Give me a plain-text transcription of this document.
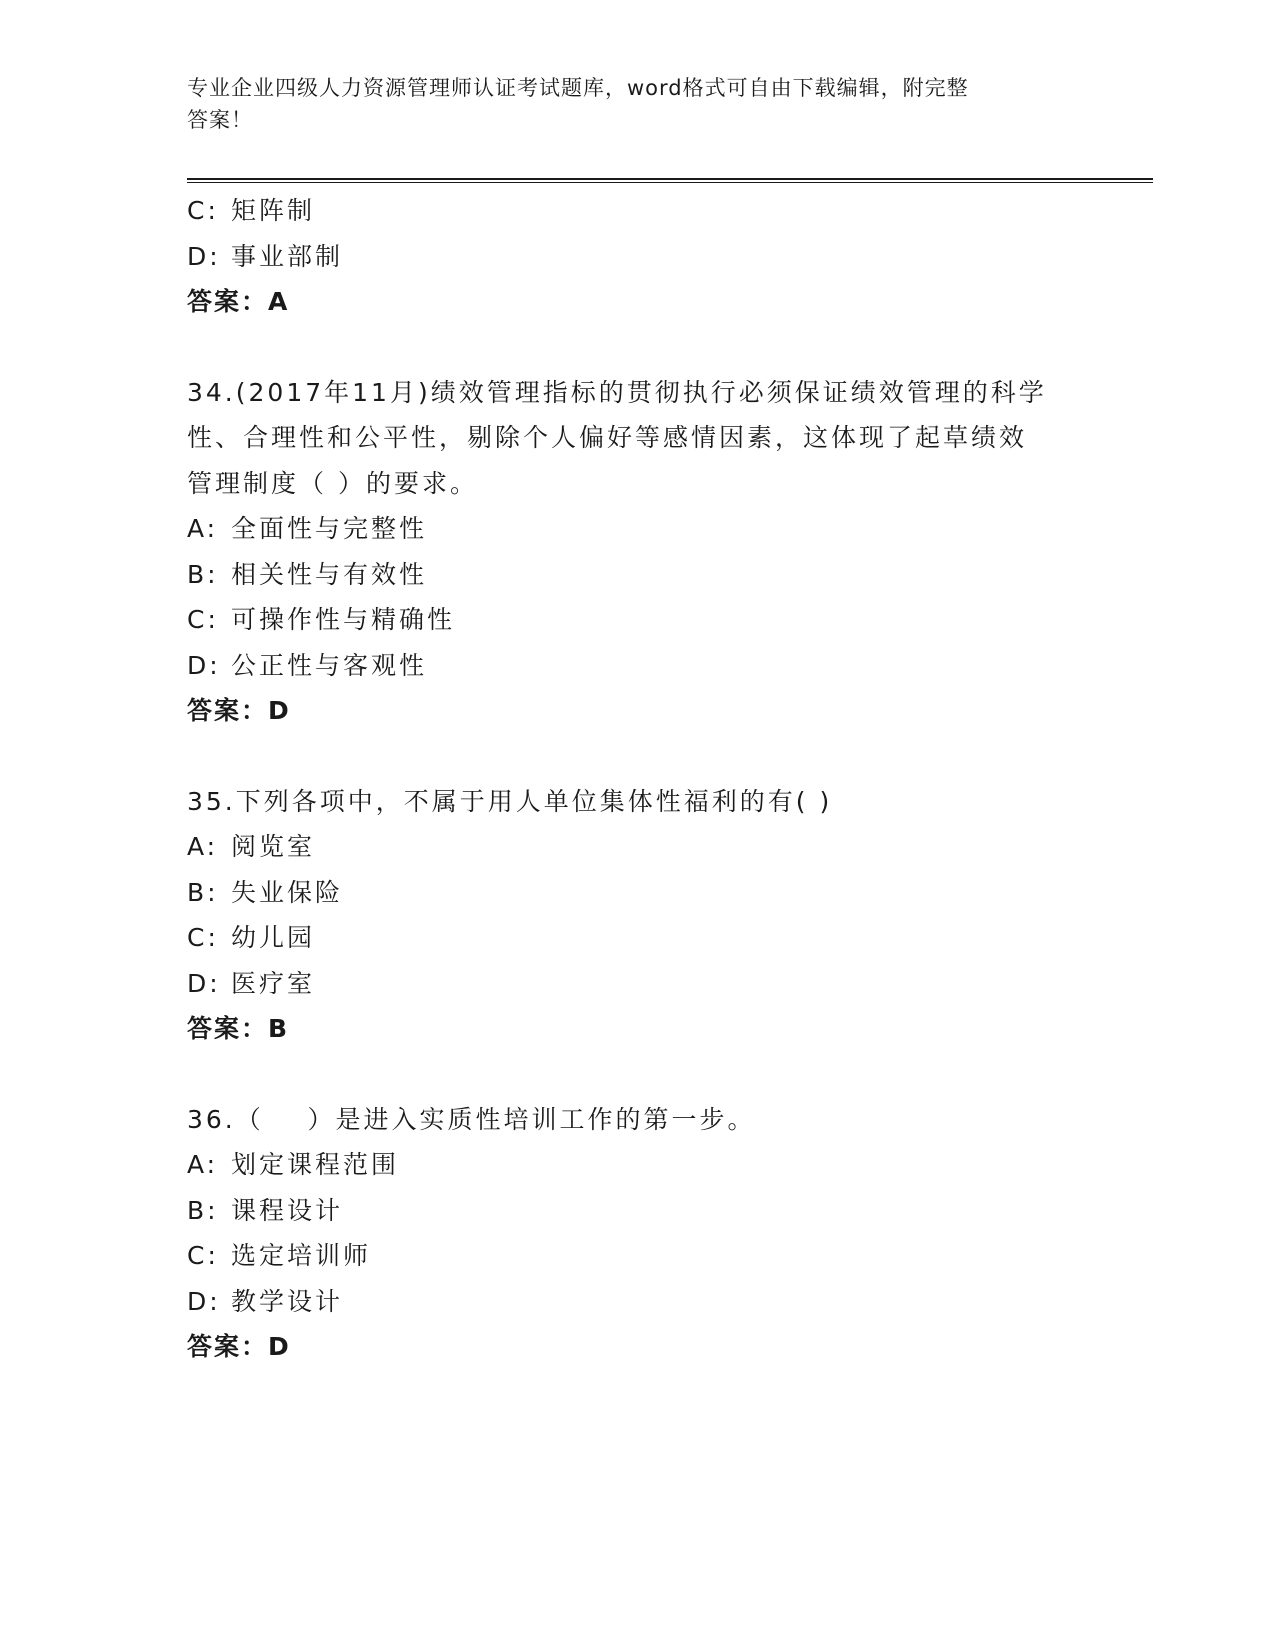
专业企业四级人力资源管理师认证考试题库，word格式可自由下载编辑，附完整
答案！
C: 矩阵制
D: 事业部制
答案：A
34.(2017年11月)绩效管理指标的贯彻执行必须保证绩效管理的科学
性、合理性和公平性，剔除个人偏好等感情因素，这体现了起草绩效
管理制度（ ）的要求。
A: 全面性与完整性
B: 相关性与有效性
C: 可操作性与精确性
D: 公正性与客观性
答案：D
35.下列各项中，不属于用人单位集体性福利的有( )
A: 阅览室
B: 失业保险
C: 幼儿园
D: 医疗室
答案：B
36.（    ）是进入实质性培训工作的第一步。
A: 划定课程范围
B: 课程设计
C: 选定培训师
D: 教学设计
答案：D
